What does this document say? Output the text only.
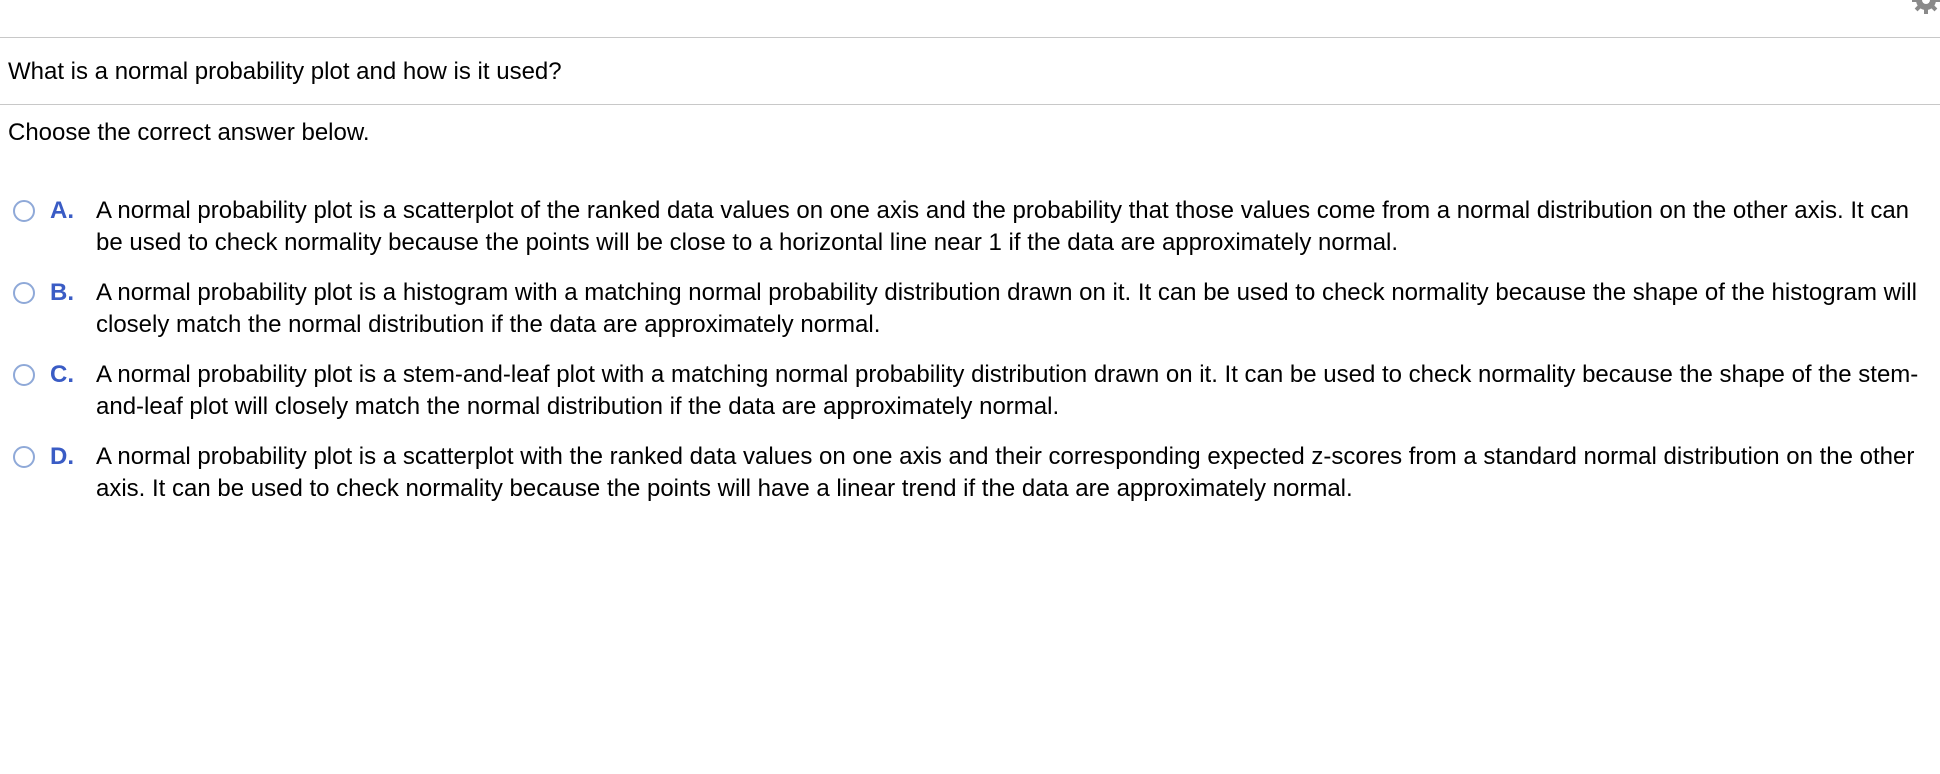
What is a normal probability plot and how is it used?
Choose the correct answer below.
A. A normal probability plot is a scatterplot of the ranked data values on one axis and the probability that those values come from a normal distribution on the other axis. It can be used to check normality because the points will be close to a horizontal line near 1 if the data are approximately normal.
B. A normal probability plot is a histogram with a matching normal probability distribution drawn on it. It can be used to check normality because the shape of the histogram will closely match the normal distribution if the data are approximately normal.
C. A normal probability plot is a stem-and-leaf plot with a matching normal probability distribution drawn on it. It can be used to check normality because the shape of the stem-and-leaf plot will closely match the normal distribution if the data are approximately normal.
D. A normal probability plot is a scatterplot with the ranked data values on one axis and their corresponding expected z-scores from a standard normal distribution on the other axis. It can be used to check normality because the points will have a linear trend if the data are approximately normal.
